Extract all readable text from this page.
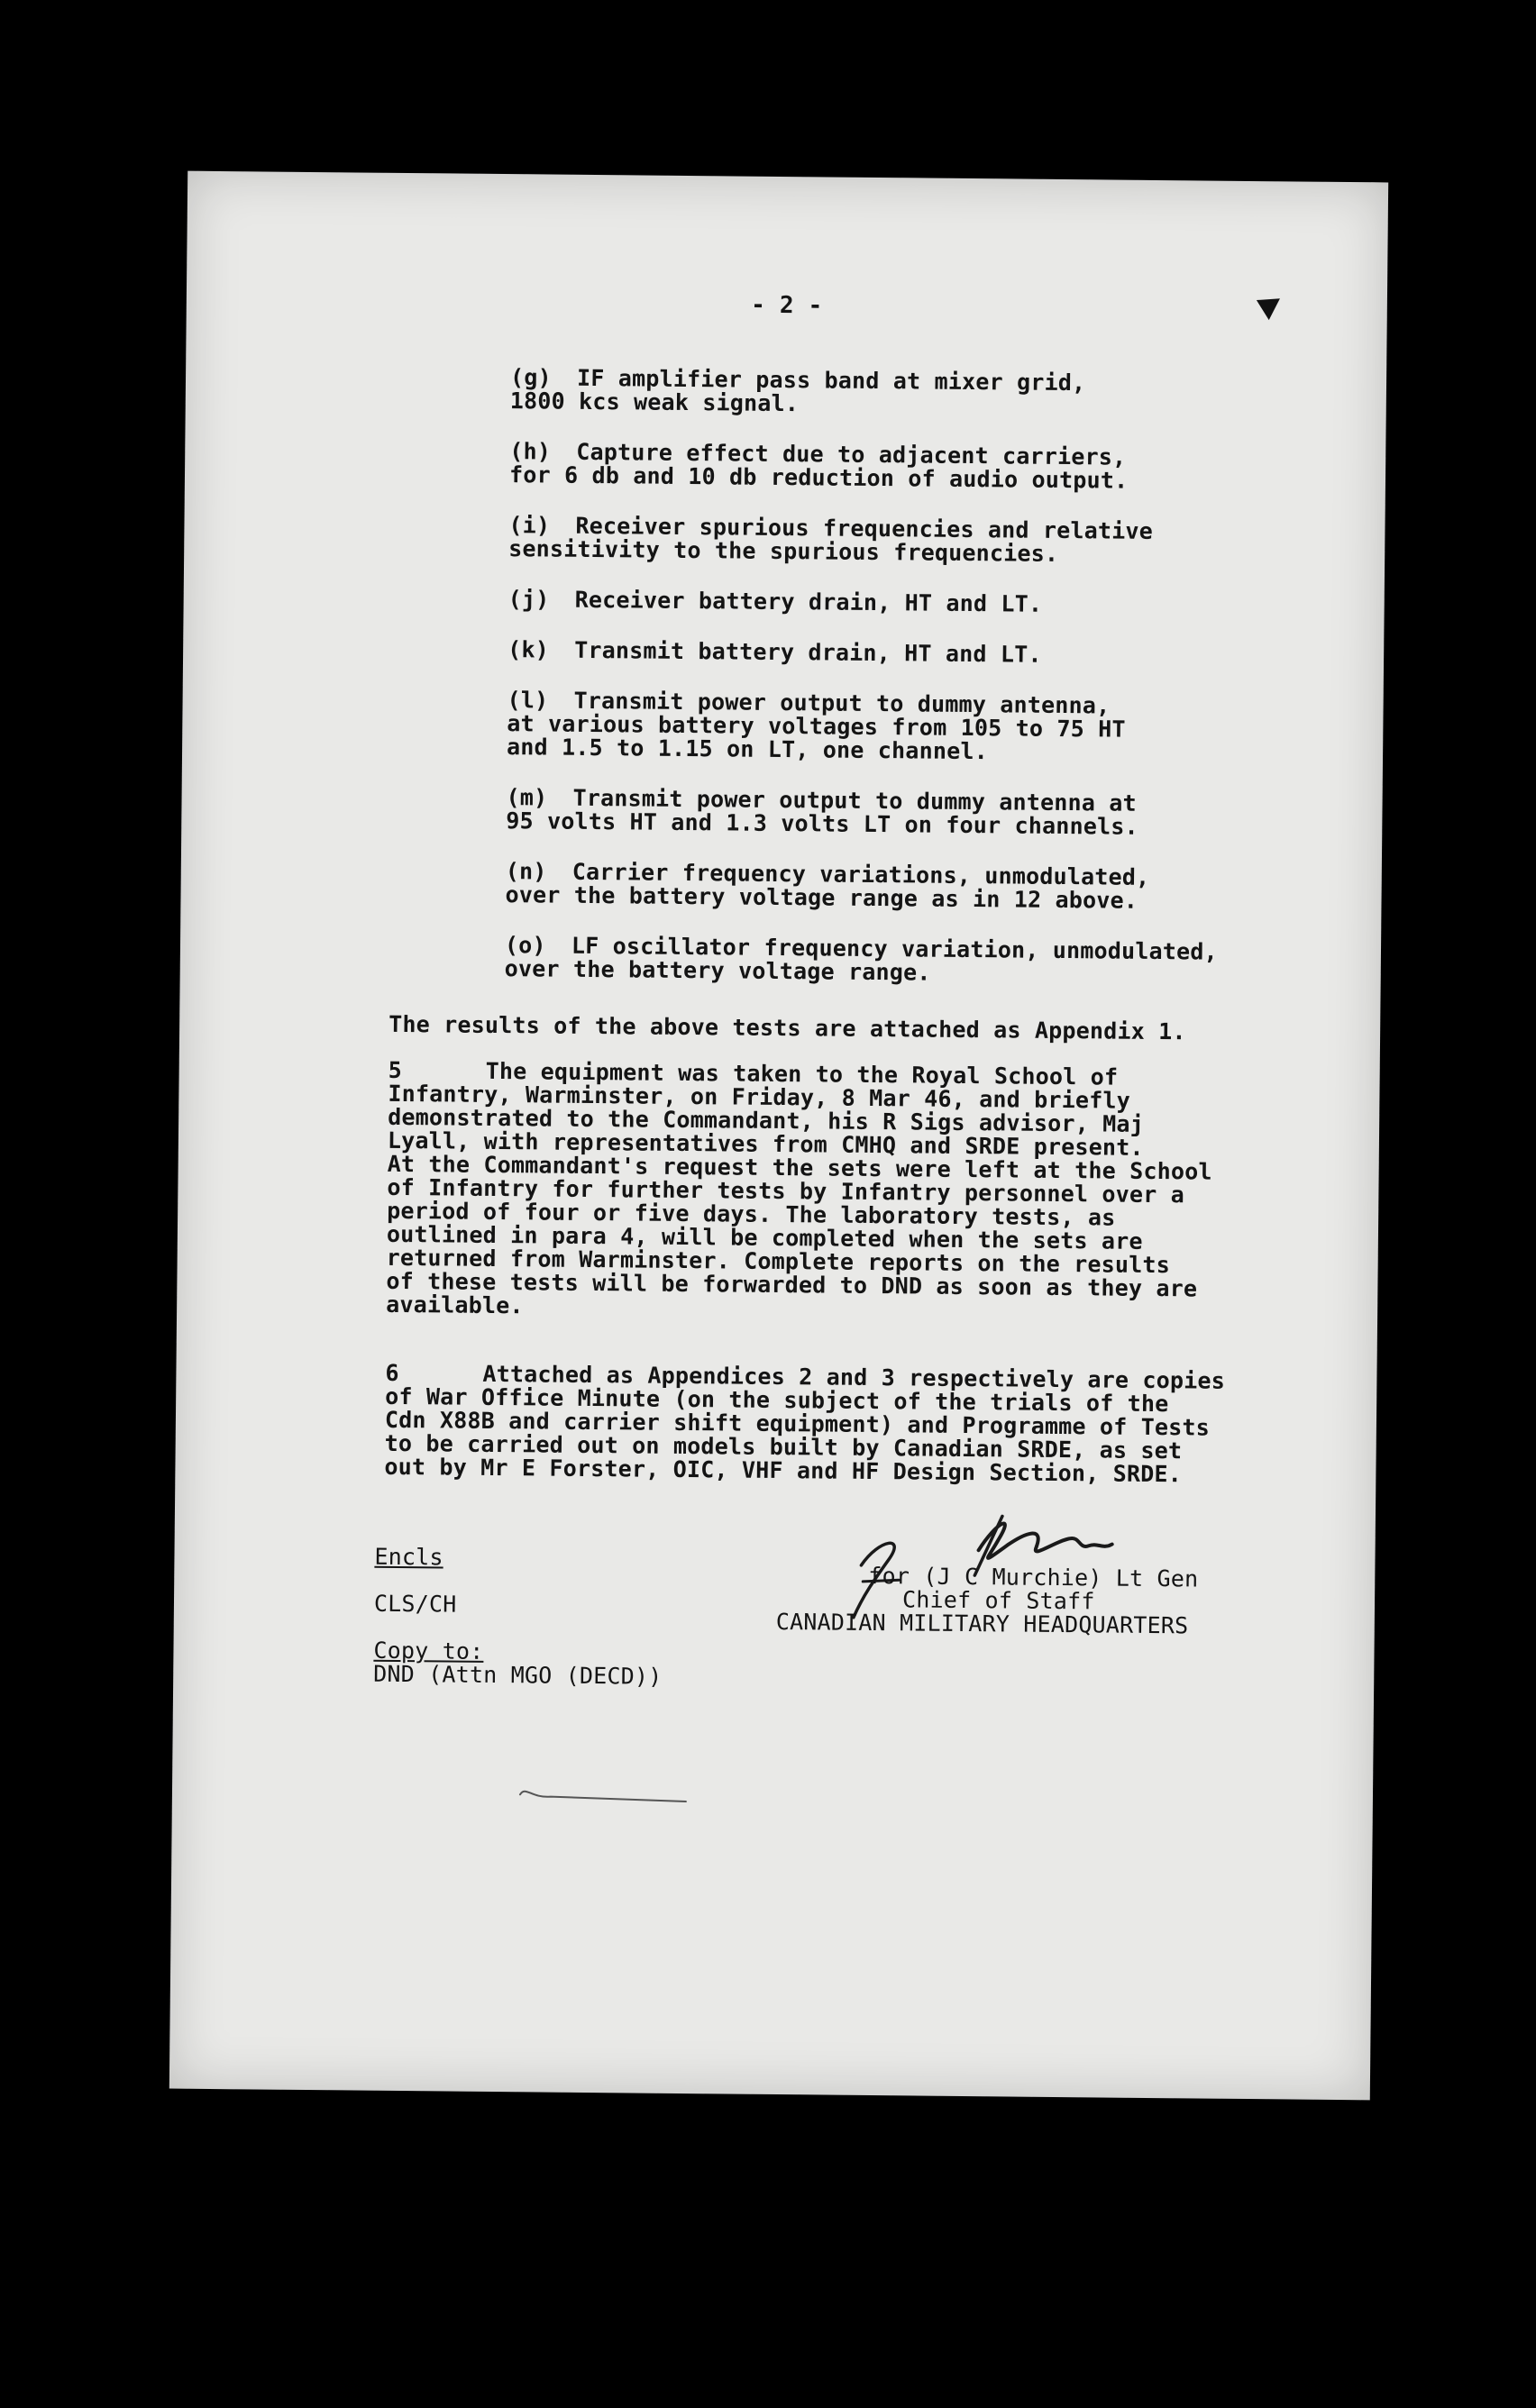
- 2 -
(g) IF amplifier pass band at mixer grid,
1800 kcs weak signal.
(h) Capture effect due to adjacent carriers,
for 6 db and 10 db reduction of audio output.
(i) Receiver spurious frequencies and relative
sensitivity to the spurious frequencies.
(j) Receiver battery drain, HT and LT.
(k) Transmit battery drain, HT and LT.
(l) Transmit power output to dummy antenna,
at various battery voltages from 105 to 75 HT
and 1.5 to 1.15 on LT, one channel.
(m) Transmit power output to dummy antenna at
95 volts HT and 1.3 volts LT on four channels.
(n) Carrier frequency variations, unmodulated,
over the battery voltage range as in 12 above.
(o) LF oscillator frequency variation, unmodulated,
over the battery voltage range.
The results of the above tests are attached as Appendix 1.

5	The equipment was taken to the Royal School of
Infantry, Warminster, on Friday, 8 Mar 46, and briefly
demonstrated to the Commandant, his R Sigs advisor, Maj
Lyall, with representatives from CMHQ and SRDE present.
At the Commandant's request the sets were left at the School
of Infantry for further tests by Infantry personnel over a
period of four or five days. The laboratory tests, as
outlined in para 4, will be completed when the sets are
returned from Warminster. Complete reports on the results
of these tests will be forwarded to DND as soon as they are
available.

6	Attached as Appendices 2 and 3 respectively are copies
of War Office Minute (on the subject of the trials of the
Cdn X88B and carrier shift equipment) and Programme of Tests
to be carried out on models built by Canadian SRDE, as set
out by Mr E Forster, OIC, VHF and HF Design Section, SRDE.

for (J C Murchie) Lt Gen
Chief of Staff
CANADIAN MILITARY HEADQUARTERS
Encls
CLS/CH
Copy to:
DND (Attn MGO (DECD))
